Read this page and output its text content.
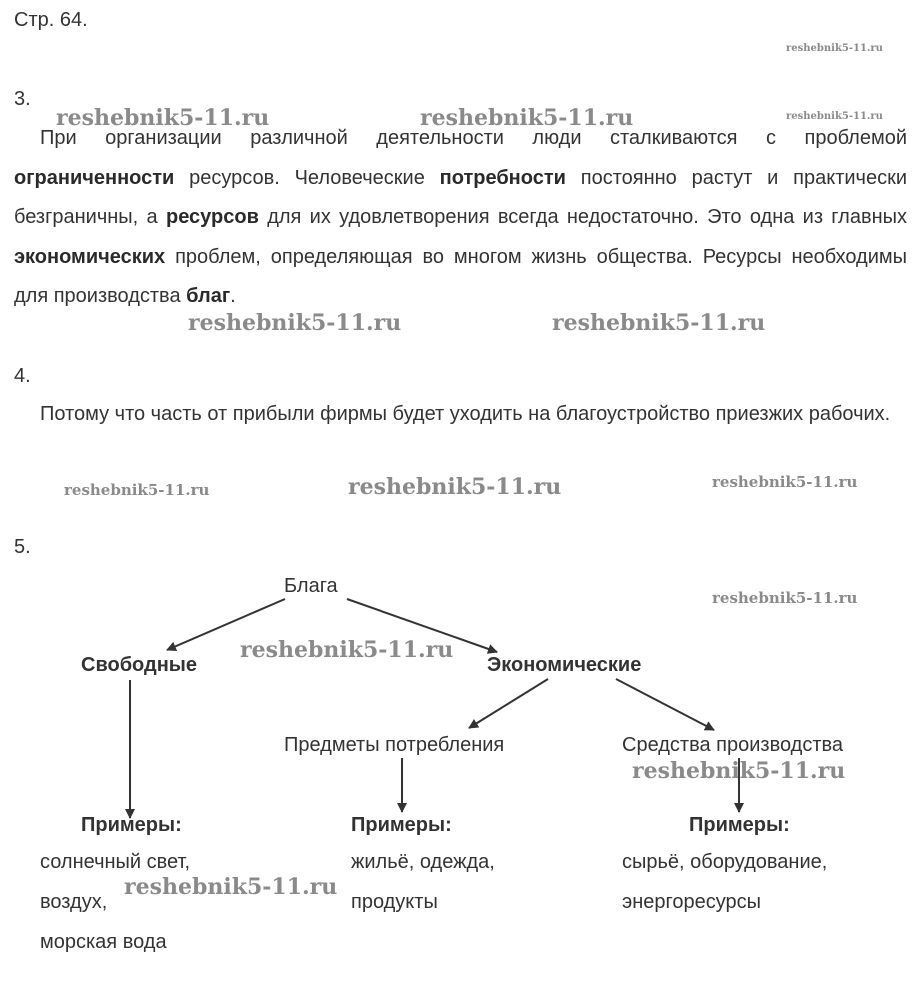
Стр. 64.
reshebnik5-11.ru
reshebnik5-11.ru	reshebnik5-11.ru	reshebnik5-11.ru
reshebnik5-11.ru	reshebnik5-11.ru
reshebnik5-11.ru	reshebnik5-11.ru	reshebnik5-11.ru
reshebnik5-11.ru
reshebnik5-11.ru
reshebnik5-11.ru
reshebnik5-11.ru
3.
При организации различной деятельности люди сталкиваются с проблемой ограниченности ресурсов. Человеческие потребности постоянно растут и практически безграничны, а ресурсов для их удовлетворения всегда недостаточно. Это одна из главных экономических проблем, определяющая во многом жизнь общества. Ресурсы необходимы для производства благ.
4.
Потому что часть от прибыли фирмы будет уходить на благоустройство приезжих рабочих.
5.
Блага
Свободные	Экономические
Предметы потребления	Средства производства
Примеры:	Примеры:	Примеры:
солнечный свет,
воздух,
морская вода
жильё, одежда,
продукты
сырьё, оборудование,
энергоресурсы
